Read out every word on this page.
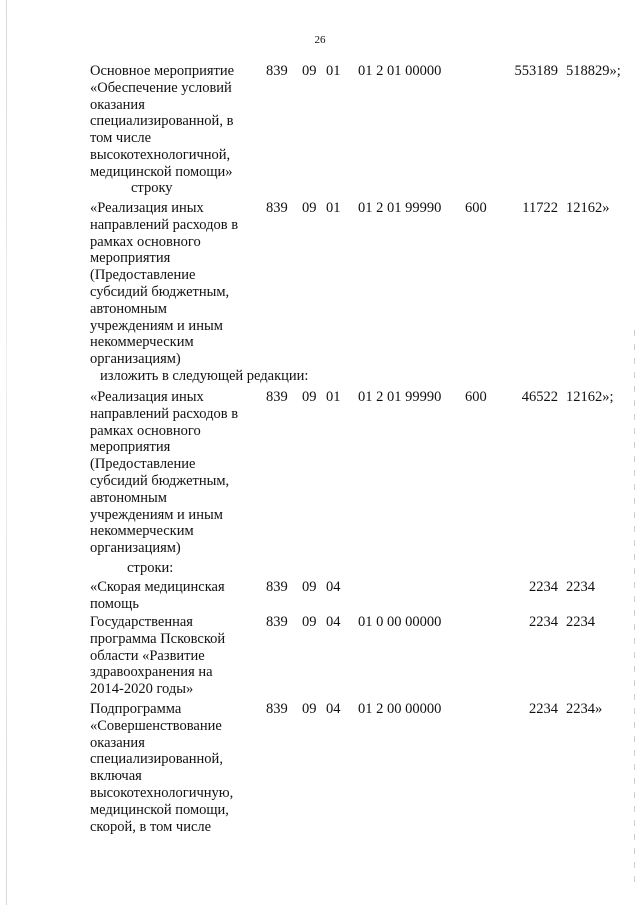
26
Основное мероприятие
«Обеспечение условий
оказания
специализированной, в
том числе
высокотехнологичной,
медицинской помощи»
839 09 01 01 2 01 00000	553189 518829»;
строку
«Реализация иных
направлений расходов в
рамках основного
мероприятия
(Предоставление
субсидий бюджетным,
автономным
учреждениям и иным
некоммерческим
организациям)
839 09 01 01 2 01 99990 600	11722 12162»
изложить в следующей редакции:
«Реализация иных
направлений расходов в
рамках основного
мероприятия
(Предоставление
субсидий бюджетным,
автономным
учреждениям и иным
некоммерческим
организациям)
839 09 01 01 2 01 99990 600	46522 12162»;
строки:
«Скорая медицинская
помощь
839 09 04	2234 2234
Государственная
программа Псковской
области «Развитие
здравоохранения на
2014-2020 годы»
839 09 04 01 0 00 00000	2234 2234
Подпрограмма
«Совершенствование
оказания
специализированной,
включая
высокотехнологичную,
медицинской помощи,
скорой, в том числе
839 09 04 01 2 00 00000	2234 2234»
